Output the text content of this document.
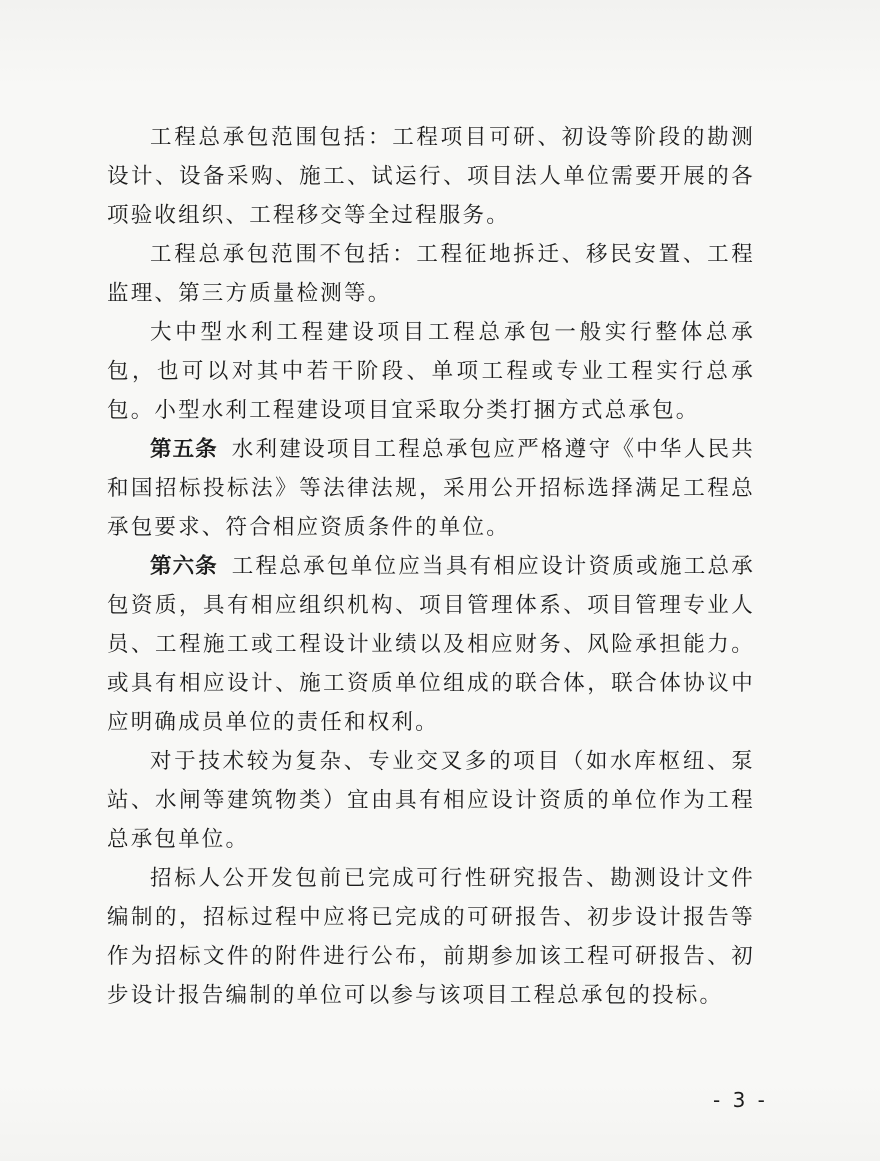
工程总承包范围包括：工程项目可研、初设等阶段的勘测设计、设备采购、施工、试运行、项目法人单位需要开展的各项验收组织、工程移交等全过程服务。

工程总承包范围不包括：工程征地拆迁、移民安置、工程监理、第三方质量检测等。

大中型水利工程建设项目工程总承包一般实行整体总承包，也可以对其中若干阶段、单项工程或专业工程实行总承包。小型水利工程建设项目宜采取分类打捆方式总承包。

第五条 水利建设项目工程总承包应严格遵守《中华人民共和国招标投标法》等法律法规，采用公开招标选择满足工程总承包要求、符合相应资质条件的单位。

第六条 工程总承包单位应当具有相应设计资质或施工总承包资质，具有相应组织机构、项目管理体系、项目管理专业人员、工程施工或工程设计业绩以及相应财务、风险承担能力。或具有相应设计、施工资质单位组成的联合体，联合体协议中应明确成员单位的责任和权利。

对于技术较为复杂、专业交叉多的项目（如水库枢纽、泵站、水闸等建筑物类）宜由具有相应设计资质的单位作为工程总承包单位。

招标人公开发包前已完成可行性研究报告、勘测设计文件编制的，招标过程中应将已完成的可研报告、初步设计报告等作为招标文件的附件进行公布，前期参加该工程可研报告、初步设计报告编制的单位可以参与该项目工程总承包的投标。

- 3 -
